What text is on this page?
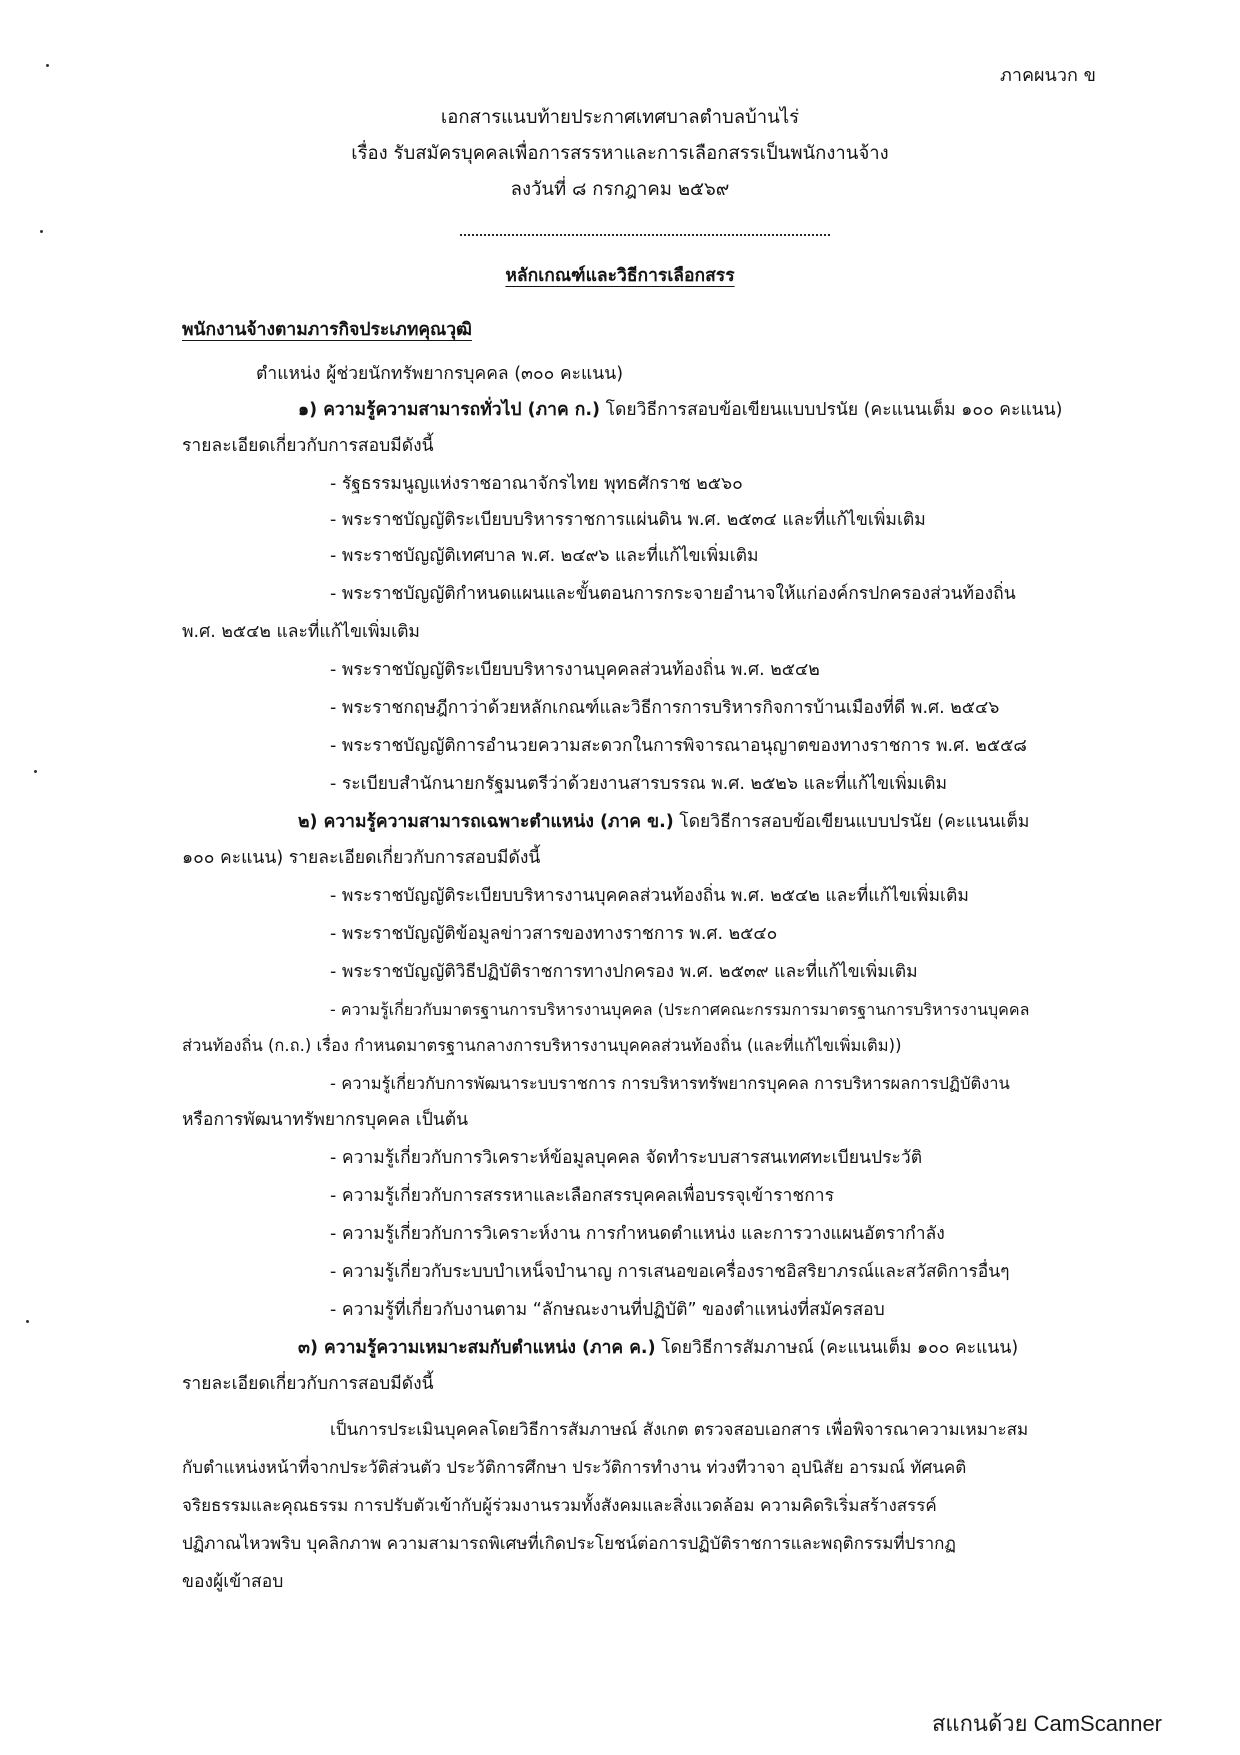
ภาคผนวก ข
เอกสารแนบท้ายประกาศเทศบาลตำบลบ้านไร่
เรื่อง รับสมัครบุคคลเพื่อการสรรหาและการเลือกสรรเป็นพนักงานจ้าง
ลงวันที่ ๘ กรกฎาคม ๒๕๖๙
หลักเกณฑ์และวิธีการเลือกสรร
พนักงานจ้างตามภารกิจประเภทคุณวุฒิ
ตำแหน่ง ผู้ช่วยนักทรัพยากรบุคคล (๓๐๐ คะแนน)
๑) ความรู้ความสามารถทั่วไป (ภาค ก.) โดยวิธีการสอบข้อเขียนแบบปรนัย (คะแนนเต็ม ๑๐๐ คะแนน)
รายละเอียดเกี่ยวกับการสอบมีดังนี้
- รัฐธรรมนูญแห่งราชอาณาจักรไทย พุทธศักราช ๒๕๖๐
- พระราชบัญญัติระเบียบบริหารราชการแผ่นดิน พ.ศ. ๒๕๓๔ และที่แก้ไขเพิ่มเติม
- พระราชบัญญัติเทศบาล พ.ศ. ๒๔๙๖ และที่แก้ไขเพิ่มเติม
- พระราชบัญญัติกำหนดแผนและขั้นตอนการกระจายอำนาจให้แก่องค์กรปกครองส่วนท้องถิ่น
พ.ศ. ๒๕๔๒ และที่แก้ไขเพิ่มเติม
- พระราชบัญญัติระเบียบบริหารงานบุคคลส่วนท้องถิ่น พ.ศ. ๒๕๔๒
- พระราชกฤษฎีกาว่าด้วยหลักเกณฑ์และวิธีการการบริหารกิจการบ้านเมืองที่ดี พ.ศ. ๒๕๔๖
- พระราชบัญญัติการอำนวยความสะดวกในการพิจารณาอนุญาตของทางราชการ พ.ศ. ๒๕๕๘
- ระเบียบสำนักนายกรัฐมนตรีว่าด้วยงานสารบรรณ พ.ศ. ๒๕๒๖ และที่แก้ไขเพิ่มเติม
๒) ความรู้ความสามารถเฉพาะตำแหน่ง (ภาค ข.) โดยวิธีการสอบข้อเขียนแบบปรนัย (คะแนนเต็ม
๑๐๐ คะแนน) รายละเอียดเกี่ยวกับการสอบมีดังนี้
- พระราชบัญญัติระเบียบบริหารงานบุคคลส่วนท้องถิ่น พ.ศ. ๒๕๔๒ และที่แก้ไขเพิ่มเติม
- พระราชบัญญัติข้อมูลข่าวสารของทางราชการ พ.ศ. ๒๕๔๐
- พระราชบัญญัติวิธีปฏิบัติราชการทางปกครอง พ.ศ. ๒๕๓๙ และที่แก้ไขเพิ่มเติม
- ความรู้เกี่ยวกับมาตรฐานการบริหารงานบุคคล (ประกาศคณะกรรมการมาตรฐานการบริหารงานบุคคล
ส่วนท้องถิ่น (ก.ถ.) เรื่อง กำหนดมาตรฐานกลางการบริหารงานบุคคลส่วนท้องถิ่น (และที่แก้ไขเพิ่มเติม))
- ความรู้เกี่ยวกับการพัฒนาระบบราชการ การบริหารทรัพยากรบุคคล การบริหารผลการปฏิบัติงาน
หรือการพัฒนาทรัพยากรบุคคล เป็นต้น
- ความรู้เกี่ยวกับการวิเคราะห์ข้อมูลบุคคล จัดทำระบบสารสนเทศทะเบียนประวัติ
- ความรู้เกี่ยวกับการสรรหาและเลือกสรรบุคคลเพื่อบรรจุเข้าราชการ
- ความรู้เกี่ยวกับการวิเคราะห์งาน การกำหนดตำแหน่ง และการวางแผนอัตรากำลัง
- ความรู้เกี่ยวกับระบบบำเหน็จบำนาญ การเสนอขอเครื่องราชอิสริยาภรณ์และสวัสดิการอื่นๆ
- ความรู้ที่เกี่ยวกับงานตาม “ลักษณะงานที่ปฏิบัติ” ของตำแหน่งที่สมัครสอบ
๓) ความรู้ความเหมาะสมกับตำแหน่ง (ภาค ค.) โดยวิธีการสัมภาษณ์ (คะแนนเต็ม ๑๐๐ คะแนน)
รายละเอียดเกี่ยวกับการสอบมีดังนี้
เป็นการประเมินบุคคลโดยวิธีการสัมภาษณ์ สังเกต ตรวจสอบเอกสาร เพื่อพิจารณาความเหมาะสม
กับตำแหน่งหน้าที่จากประวัติส่วนตัว ประวัติการศึกษา ประวัติการทำงาน ท่วงทีวาจา อุปนิสัย อารมณ์ ทัศนคติ
จริยธรรมและคุณธรรม การปรับตัวเข้ากับผู้ร่วมงานรวมทั้งสังคมและสิ่งแวดล้อม ความคิดริเริ่มสร้างสรรค์
ปฏิภาณไหวพริบ บุคลิกภาพ ความสามารถพิเศษที่เกิดประโยชน์ต่อการปฏิบัติราชการและพฤติกรรมที่ปรากฏ
ของผู้เข้าสอบ
สแกนด้วย CamScanner
